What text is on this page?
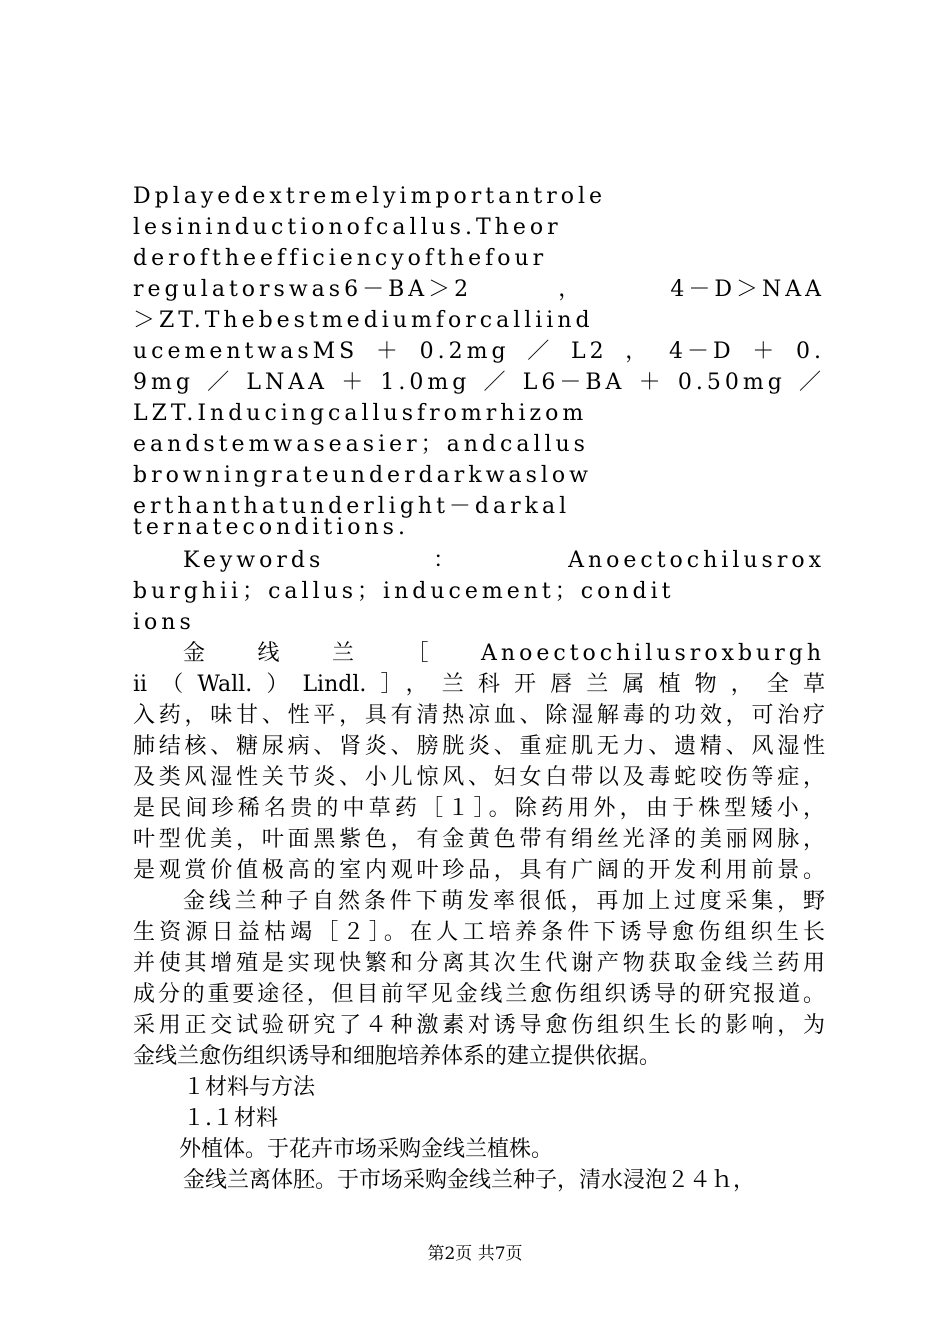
Dplayedextremelyimportantrole
lesininductionofcallus.Theor
deroftheefficiencyofthefour
regulatorswas6－BA＞2，4－D＞NAA
＞ZT.Thebestmediumforcalliind
ucementwasMS＋0.2mg／L2，4－D＋0.
9mg／LNAA＋1.0mg／L6－BA＋0.50mg／
LZT.Inducingcallusfromrhizom
eandstemwaseasier；andcallus
browningrateunderdarkwaslow
erthanthatunderlight－darkal
ternateconditions.
Keywords：Anoectochilusrox
burghii；callus；inducement；condit
ions
金线兰［Anoectochilusroxburgh
ii（Wall.）Lindl.］，兰科开唇兰属植物，全草
入药，味甘、性平，具有清热凉血、除湿解毒的功效，可治疗
肺结核、糖尿病、肾炎、膀胱炎、重症肌无力、遗精、风湿性
及类风湿性关节炎、小儿惊风、妇女白带以及毒蛇咬伤等症，
是民间珍稀名贵的中草药［１］。除药用外，由于株型矮小，
叶型优美，叶面黑紫色，有金黄色带有绢丝光泽的美丽网脉，
是观赏价值极高的室内观叶珍品，具有广阔的开发利用前景。
金线兰种子自然条件下萌发率很低，再加上过度采集，野
生资源日益枯竭［２］。在人工培养条件下诱导愈伤组织生长
并使其增殖是实现快繁和分离其次生代谢产物获取金线兰药用
成分的重要途径，但目前罕见金线兰愈伤组织诱导的研究报道。
采用正交试验研究了４种激素对诱导愈伤组织生长的影响，为
金线兰愈伤组织诱导和细胞培养体系的建立提供依据。
１材料与方法
１.１材料
外植体。于花卉市场采购金线兰植株。
金线兰离体胚。于市场采购金线兰种子，清水浸泡２４ｈ，
第2页 共7页
